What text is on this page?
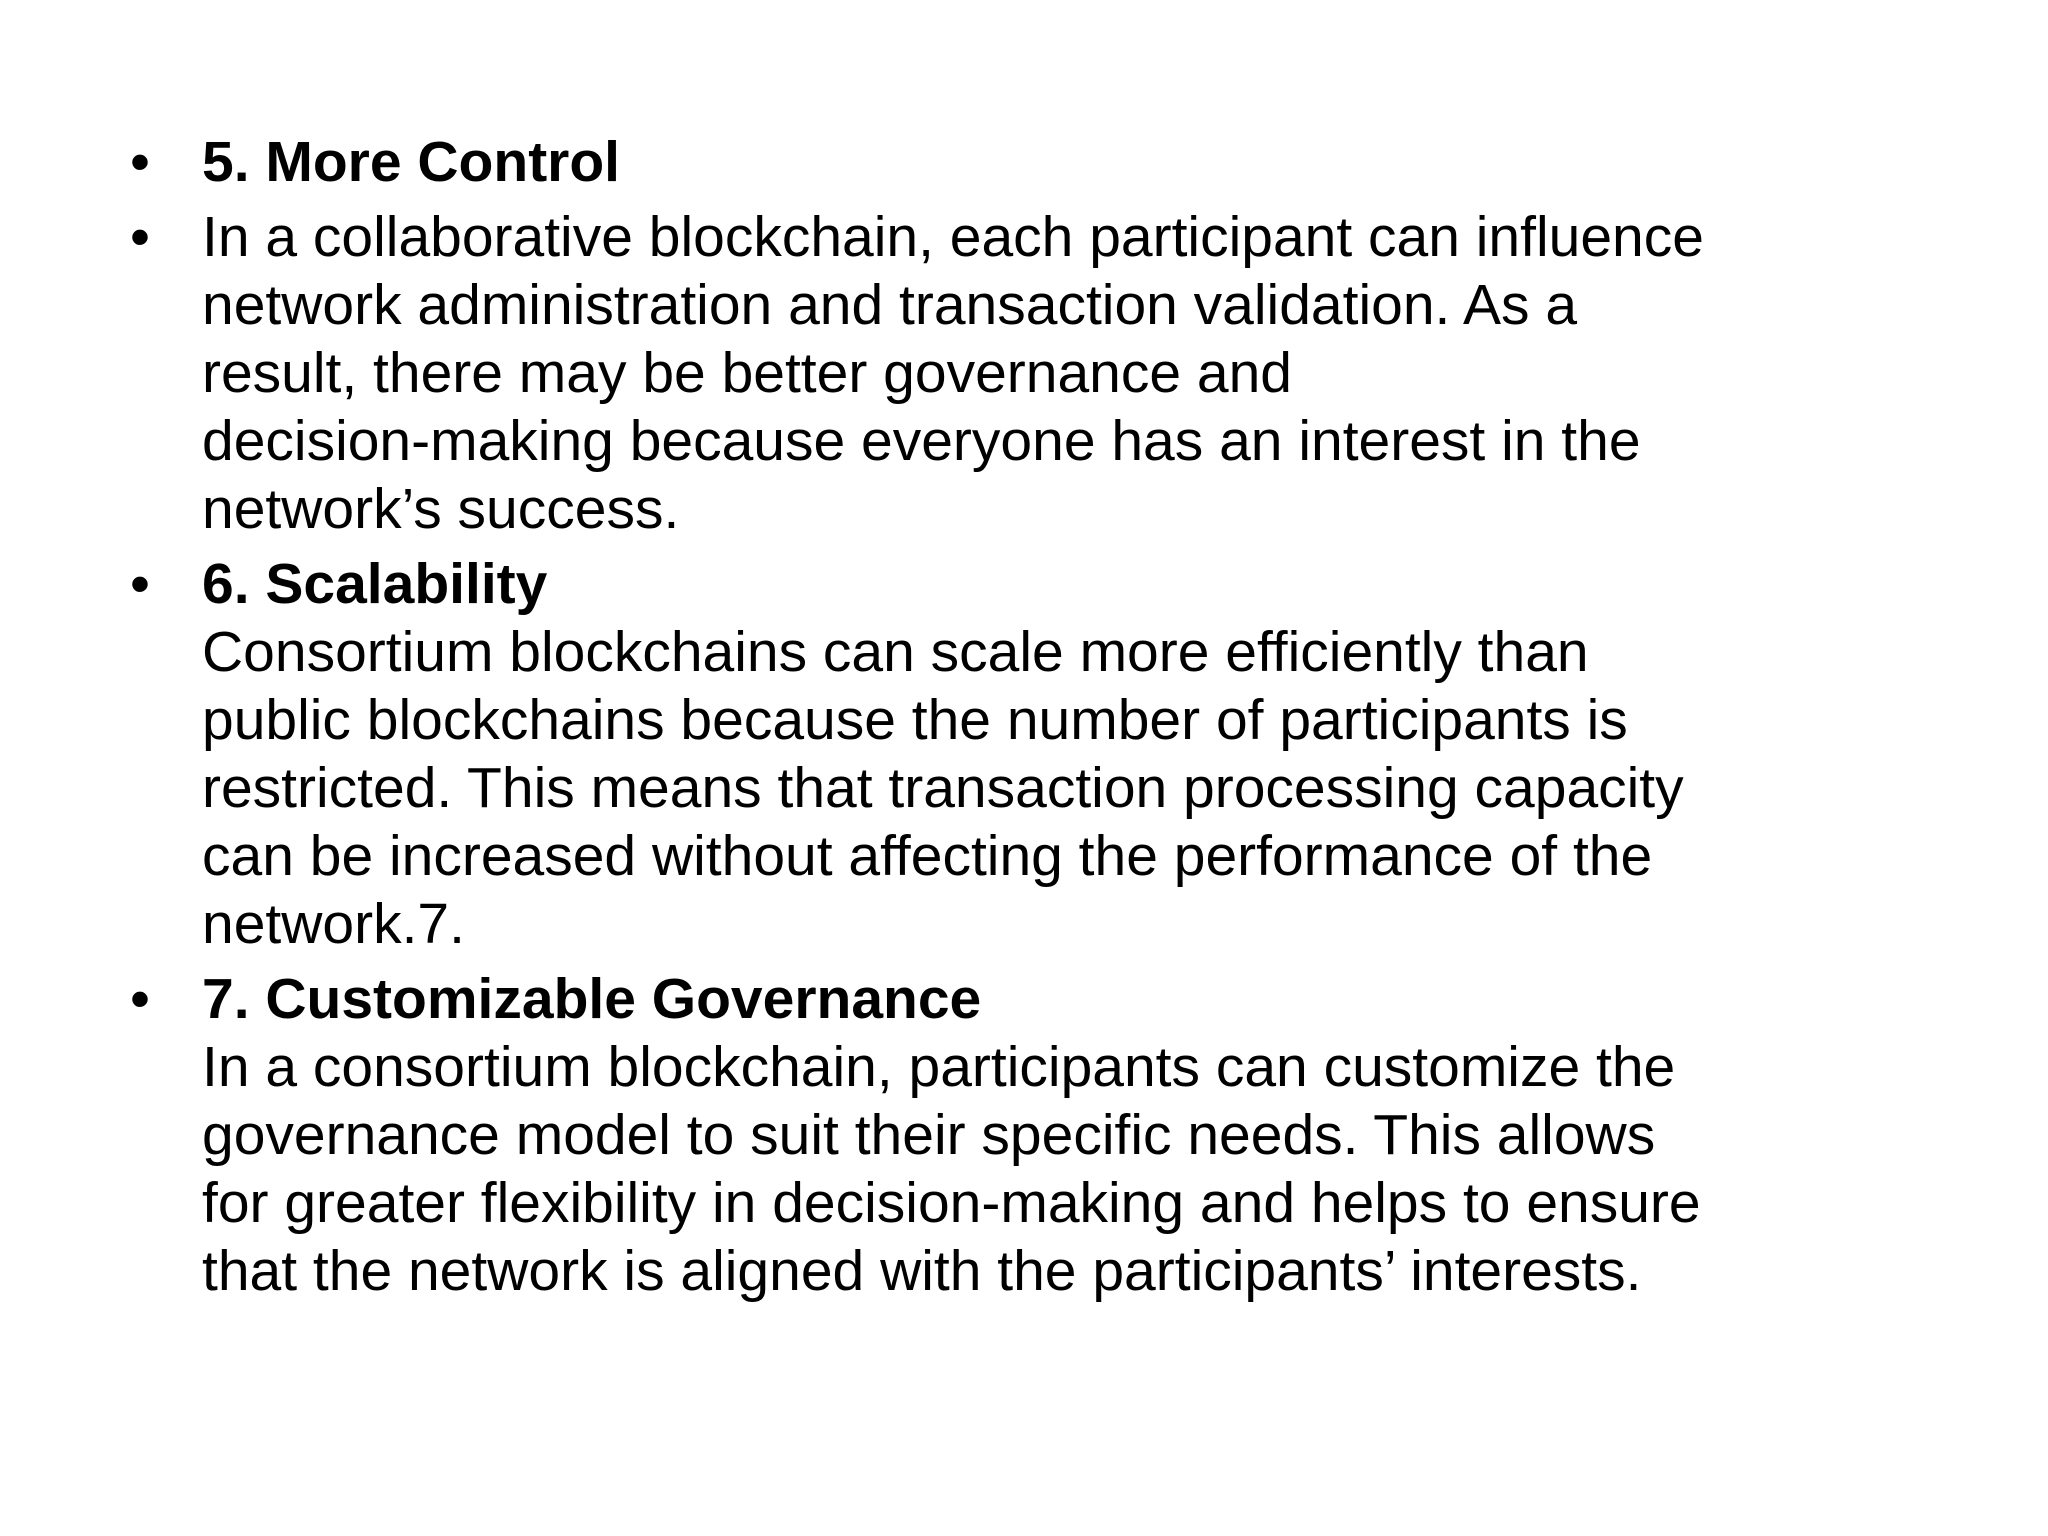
• 5. More Control
• In a collaborative blockchain, each participant can influence
network administration and transaction validation. As a
result, there may be better governance and
decision-making because everyone has an interest in the
network’s success.
• 6. Scalability
Consortium blockchains can scale more efficiently than
public blockchains because the number of participants is
restricted. This means that transaction processing capacity
can be increased without affecting the performance of the
network.7.
• 7. Customizable Governance
In a consortium blockchain, participants can customize the
governance model to suit their specific needs. This allows
for greater flexibility in decision-making and helps to ensure
that the network is aligned with the participants’ interests.
